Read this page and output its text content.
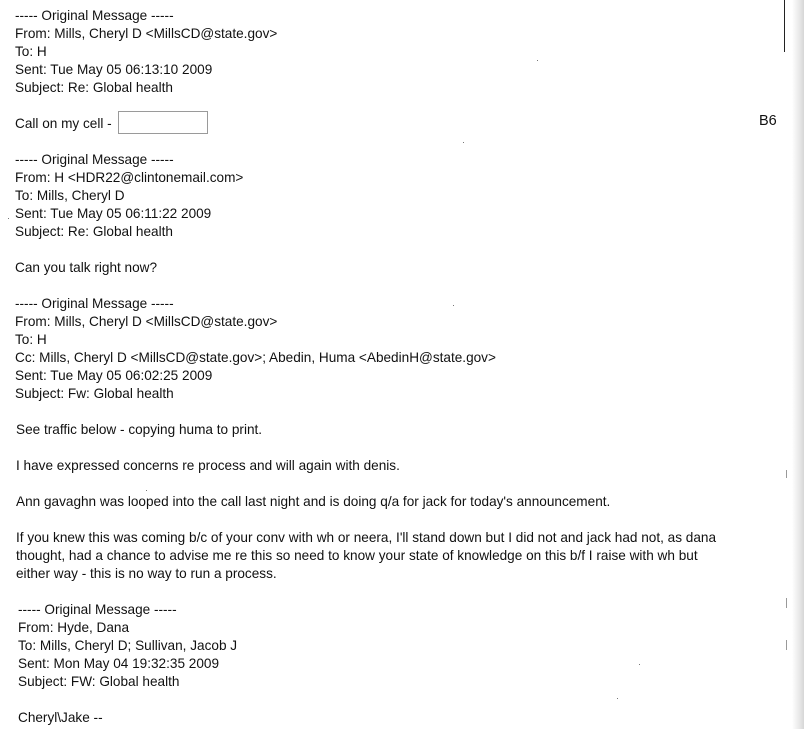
----- Original Message -----
From: Mills, Cheryl D <MillsCD@state.gov>
To: H
Sent: Tue May 05 06:13:10 2009
Subject: Re: Global health
Call on my cell -	B6
----- Original Message -----
From: H <HDR22@clintonemail.com>
To: Mills, Cheryl D
Sent: Tue May 05 06:11:22 2009
Subject: Re: Global health
Can you talk right now?
----- Original Message -----
From: Mills, Cheryl D <MillsCD@state.gov>
To: H
Cc: Mills, Cheryl D <MillsCD@state.gov>; Abedin, Huma <AbedinH@state.gov>
Sent: Tue May 05 06:02:25 2009
Subject: Fw: Global health
See traffic below - copying huma to print.
I have expressed concerns re process and will again with denis.
Ann gavaghn was looped into the call last night and is doing q/a for jack for today's announcement.
If you knew this was coming b/c of your conv with wh or neera, I'll stand down but I did not and jack had not, as dana thought, had a chance to advise me re this so need to know your state of knowledge on this b/f I raise with wh but either way - this is no way to run a process.
----- Original Message -----
From: Hyde, Dana
To: Mills, Cheryl D; Sullivan, Jacob J
Sent: Mon May 04 19:32:35 2009
Subject: FW: Global health
Cheryl\Jake --
